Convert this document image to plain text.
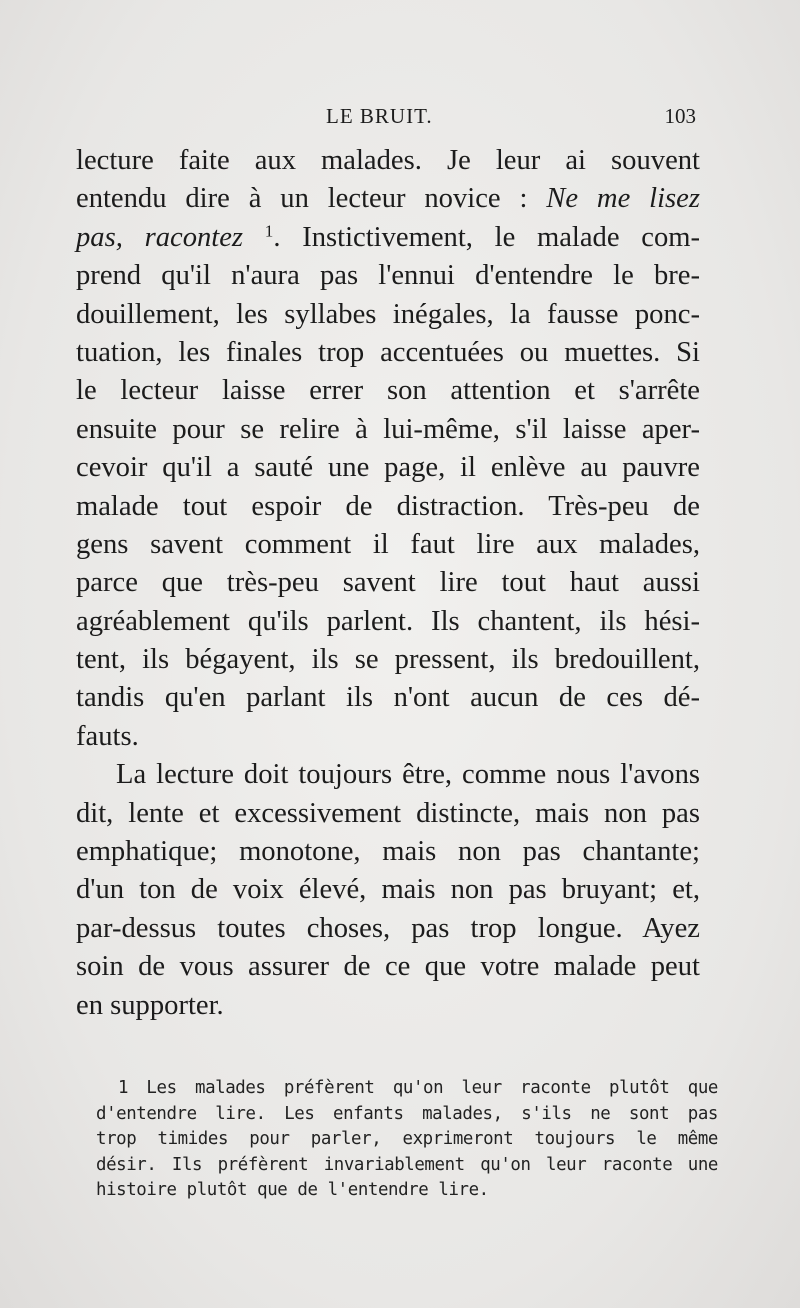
LE BRUIT.	103
lecture faite aux malades. Je leur ai souvent
entendu dire à un lecteur novice : Ne me lisez
pas, racontez $^1$. Instictivement, le malade com-
prend qu'il n'aura pas l'ennui d'entendre le bre-
douillement, les syllabes inégales, la fausse ponc-
tuation, les finales trop accentuées ou muettes. Si
le lecteur laisse errer son attention et s'arrête
ensuite pour se relire à lui-même, s'il laisse aper-
cevoir qu'il a sauté une page, il enlève au pauvre
malade tout espoir de distraction. Très-peu de
gens savent comment il faut lire aux malades,
parce que très-peu savent lire tout haut aussi
agréablement qu'ils parlent. Ils chantent, ils hési-
tent, ils bégayent, ils se pressent, ils bredouillent,
tandis qu'en parlant ils n'ont aucun de ces dé-
fauts.
La lecture doit toujours être, comme nous l'avons
dit, lente et excessivement distincte, mais non pas
emphatique; monotone, mais non pas chantante;
d'un ton de voix élevé, mais non pas bruyant; et,
par-dessus toutes choses, pas trop longue. Ayez
soin de vous assurer de ce que votre malade peut
en supporter.
1 Les malades préfèrent qu'on leur raconte plutôt que
d'entendre lire. Les enfants malades, s'ils ne sont pas
trop timides pour parler, exprimeront toujours le même
désir. Ils préfèrent invariablement qu'on leur raconte une
histoire plutôt que de l'entendre lire.
